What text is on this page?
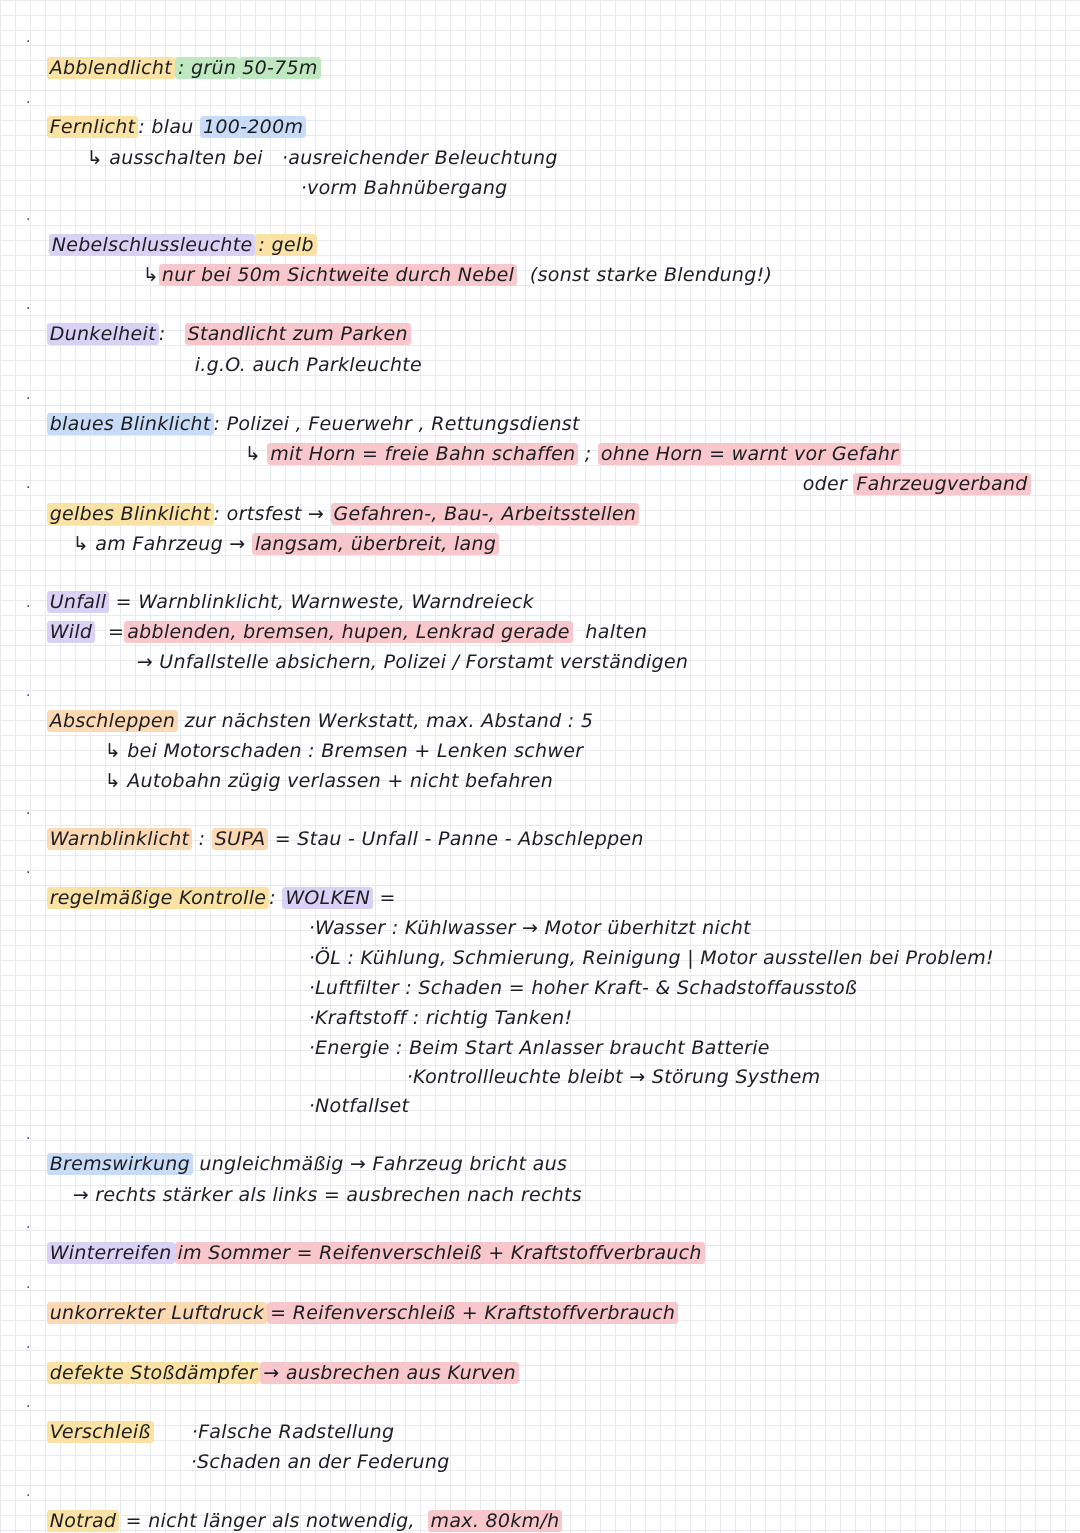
·

Abblendlicht : grün 50-75m

·

Fernlicht : blau 100-200m

↳ ausschalten bei ·ausreichender Beleuchtung

·vorm Bahnübergang

·

Nebelschlussleuchte : gelb

↳ nur bei 50m Sichtweite durch Nebel (sonst starke Blendung!)

·

Dunkelheit : Standlicht zum Parken

i.g.O. auch Parkleuchte

·

blaues Blinklicht : Polizei , Feuerwehr , Rettungsdienst

↳ mit Horn = freie Bahn schaffen ; ohne Horn = warnt vor Gefahr

oder Fahrzeugverband

·

gelbes Blinklicht : ortsfest → Gefahren-, Bau-, Arbeitsstellen

↳ am Fahrzeug → langsam, überbreit, lang

Unfall = Warnblinklicht, Warnweste, Warndreieck

·

Wild = abblenden, bremsen, hupen, Lenkrad gerade halten

→ Unfallstelle absichern, Polizei / Forstamt verständigen

·

Abschleppen zur nächsten Werkstatt, max. Abstand : 5

↳ bei Motorschaden : Bremsen + Lenken schwer

↳ Autobahn zügig verlassen + nicht befahren

·

Warnblinklicht : SUPA = Stau - Unfall - Panne - Abschleppen

·

regelmäßige Kontrolle : WOLKEN =

·Wasser : Kühlwasser → Motor überhitzt nicht

·ÖL : Kühlung, Schmierung, Reinigung | Motor ausstellen bei Problem!

·Luftfilter : Schaden = hoher Kraft- & Schadstoffausstoß

·Kraftstoff : richtig Tanken!

·Energie : Beim Start Anlasser braucht Batterie

·Kontrollleuchte bleibt → Störung Systhem

·Notfallset

·

Bremswirkung ungleichmäßig → Fahrzeug bricht aus

→ rechts stärker als links = ausbrechen nach rechts

·

Winterreifen im Sommer = Reifenverschleiß + Kraftstoffverbrauch

·

unkorrekter Luftdruck = Reifenverschleiß + Kraftstoffverbrauch

·

defekte Stoßdämpfer → ausbrechen aus Kurven

·

Verschleiß ·Falsche Radstellung

·Schaden an der Federung

·

Notrad = nicht länger als notwendig, max. 80km/h
